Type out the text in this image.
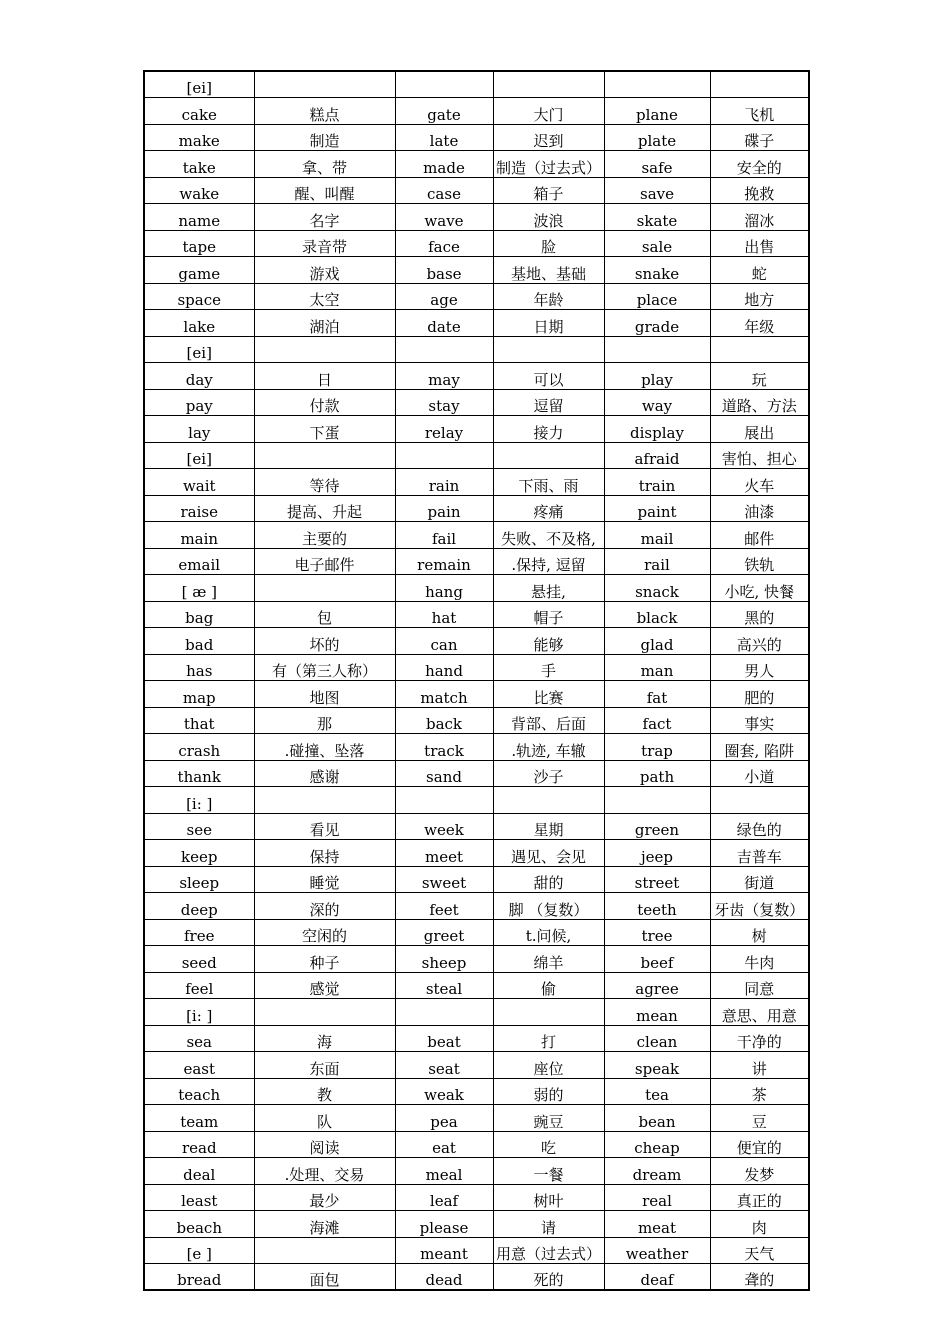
[ei]					
cake	糕点	gate	大门	plane	飞机
make	制造	late	迟到	plate	碟子
take	拿、带	made	制造（过去式）	safe	安全的
wake	醒、叫醒	case	箱子	save	挽救
name	名字	wave	波浪	skate	溜冰
tape	录音带	face	脸	sale	出售
game	游戏	base	基地、基础	snake	蛇
space	太空	age	年龄	place	地方
lake	湖泊	date	日期	grade	年级
[ei]					
day	日	may	可以	play	玩
pay	付款	stay	逗留	way	道路、方法
lay	下蛋	relay	接力	display	展出
[ei]				afraid	害怕、担心
wait	等待	rain	下雨、雨	train	火车
raise	提高、升起	pain	疼痛	paint	油漆
main	主要的	fail	失败、不及格,	mail	邮件
email	电子邮件	remain	.保持, 逗留	rail	铁轨
[ æ ]		hang	悬挂,	snack	小吃, 快餐
bag	包	hat	帽子	black	黑的
bad	坏的	can	能够	glad	高兴的
has	有（第三人称）	hand	手	man	男人
map	地图	match	比赛	fat	肥的
that	那	back	背部、后面	fact	事实
crash	.碰撞、坠落	track	.轨迹, 车辙	trap	圈套, 陷阱
thank	感谢	sand	沙子	path	小道
[i: ]					
see	看见	week	星期	green	绿色的
keep	保持	meet	遇见、会见	jeep	吉普车
sleep	睡觉	sweet	甜的	street	街道
deep	深的	feet	脚 （复数）	teeth	牙齿（复数）
free	空闲的	greet	t.问候,	tree	树
seed	种子	sheep	绵羊	beef	牛肉
feel	感觉	steal	偷	agree	同意
[i: ]				mean	意思、用意
sea	海	beat	打	clean	干净的
east	东面	seat	座位	speak	讲
teach	教	weak	弱的	tea	茶
team	队	pea	豌豆	bean	豆
read	阅读	eat	吃	cheap	便宜的
deal	.处理、交易	meal	一餐	dream	发梦
least	最少	leaf	树叶	real	真正的
beach	海滩	please	请	meat	肉
[e ]		meant	用意（过去式）	weather	天气
bread	面包	dead	死的	deaf	聋的
